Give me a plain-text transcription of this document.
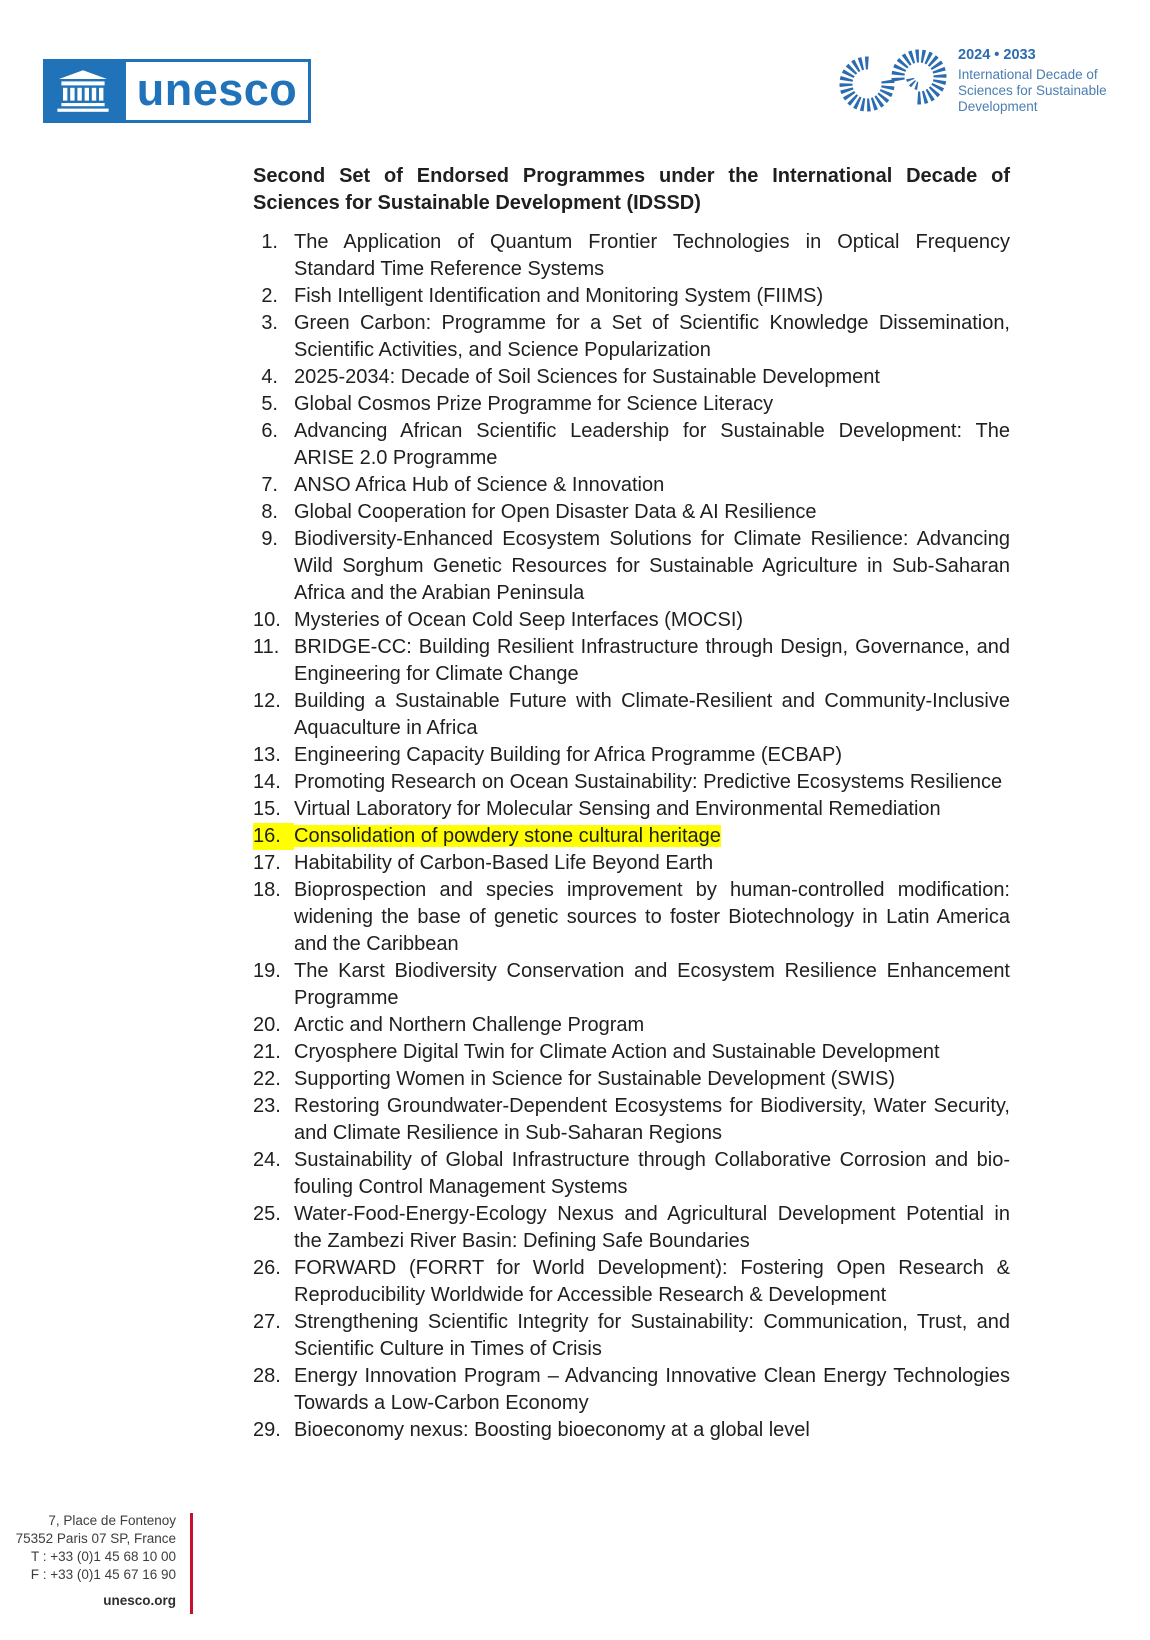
unesco
2024 • 2033
International Decade of
Sciences for Sustainable
Development
Second Set of Endorsed Programmes under the International Decade of Sciences for Sustainable Development (IDSSD)
1. The Application of Quantum Frontier Technologies in Optical Frequency Standard Time Reference Systems
2. Fish Intelligent Identification and Monitoring System (FIIMS)
3. Green Carbon: Programme for a Set of Scientific Knowledge Dissemination, Scientific Activities, and Science Popularization
4. 2025-2034: Decade of Soil Sciences for Sustainable Development
5. Global Cosmos Prize Programme for Science Literacy
6. Advancing African Scientific Leadership for Sustainable Development: The ARISE 2.0 Programme
7. ANSO Africa Hub of Science & Innovation
8. Global Cooperation for Open Disaster Data & AI Resilience
9. Biodiversity-Enhanced Ecosystem Solutions for Climate Resilience: Advancing Wild Sorghum Genetic Resources for Sustainable Agriculture in Sub-Saharan Africa and the Arabian Peninsula
10. Mysteries of Ocean Cold Seep Interfaces (MOCSI)
11. BRIDGE-CC: Building Resilient Infrastructure through Design, Governance, and Engineering for Climate Change
12. Building a Sustainable Future with Climate-Resilient and Community-Inclusive Aquaculture in Africa
13. Engineering Capacity Building for Africa Programme (ECBAP)
14. Promoting Research on Ocean Sustainability: Predictive Ecosystems Resilience
15. Virtual Laboratory for Molecular Sensing and Environmental Remediation
16. Consolidation of powdery stone cultural heritage
17. Habitability of Carbon-Based Life Beyond Earth
18. Bioprospection and species improvement by human-controlled modification: widening the base of genetic sources to foster Biotechnology in Latin America and the Caribbean
19. The Karst Biodiversity Conservation and Ecosystem Resilience Enhancement Programme
20. Arctic and Northern Challenge Program
21. Cryosphere Digital Twin for Climate Action and Sustainable Development
22. Supporting Women in Science for Sustainable Development (SWIS)
23. Restoring Groundwater-Dependent Ecosystems for Biodiversity, Water Security, and Climate Resilience in Sub-Saharan Regions
24. Sustainability of Global Infrastructure through Collaborative Corrosion and bio-fouling Control Management Systems
25. Water-Food-Energy-Ecology Nexus and Agricultural Development Potential in the Zambezi River Basin: Defining Safe Boundaries
26. FORWARD (FORRT for World Development): Fostering Open Research & Reproducibility Worldwide for Accessible Research & Development
27. Strengthening Scientific Integrity for Sustainability: Communication, Trust, and Scientific Culture in Times of Crisis
28. Energy Innovation Program – Advancing Innovative Clean Energy Technologies Towards a Low-Carbon Economy
29. Bioeconomy nexus: Boosting bioeconomy at a global level
7, Place de Fontenoy
75352 Paris 07 SP, France
T : +33 (0)1 45 68 10 00
F : +33 (0)1 45 67 16 90
unesco.org
